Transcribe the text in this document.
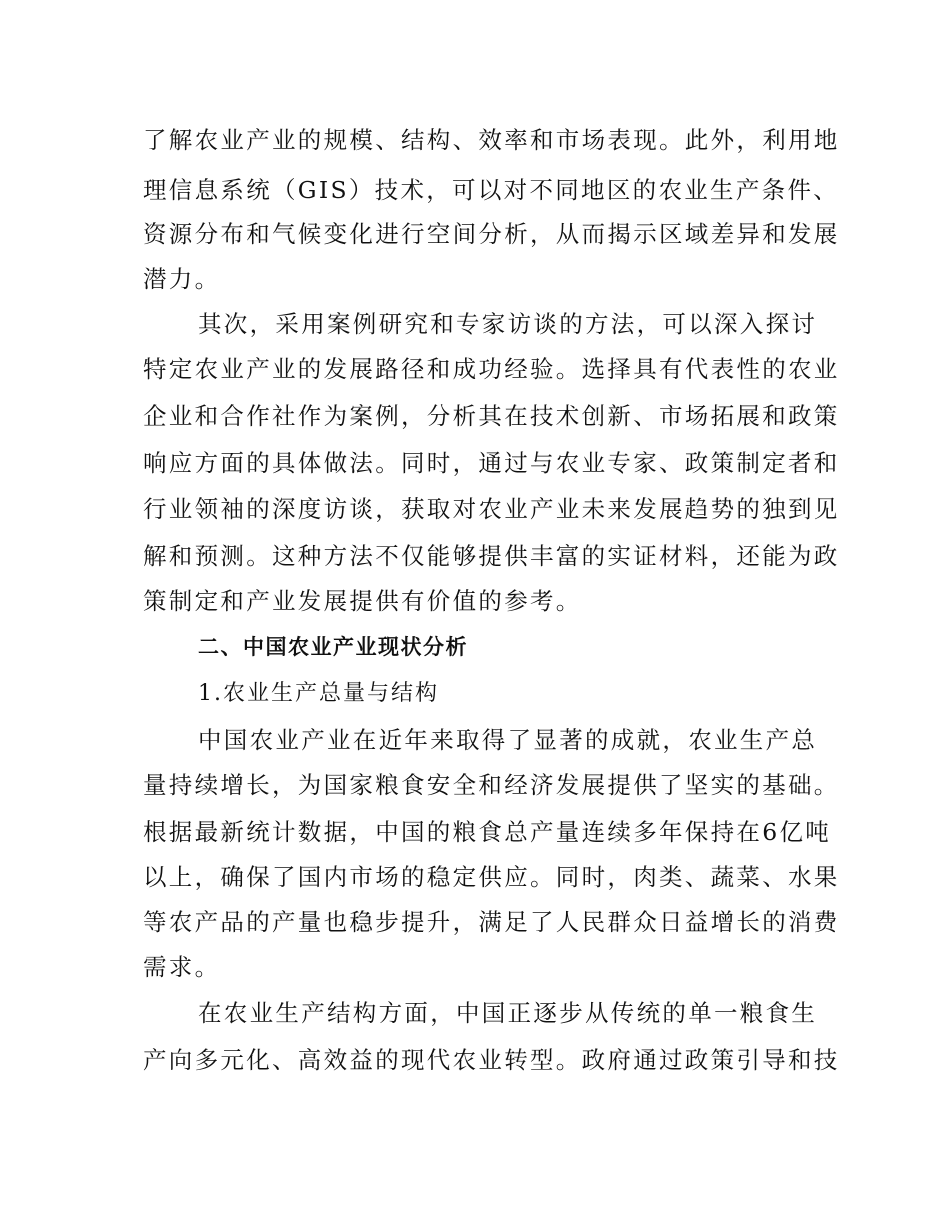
了解农业产业的规模、结构、效率和市场表现。此外，利用地
理信息系统（GIS）技术，可以对不同地区的农业生产条件、
资源分布和气候变化进行空间分析，从而揭示区域差异和发展
潜力。
其次，采用案例研究和专家访谈的方法，可以深入探讨
特定农业产业的发展路径和成功经验。选择具有代表性的农业
企业和合作社作为案例，分析其在技术创新、市场拓展和政策
响应方面的具体做法。同时，通过与农业专家、政策制定者和
行业领袖的深度访谈，获取对农业产业未来发展趋势的独到见
解和预测。这种方法不仅能够提供丰富的实证材料，还能为政
策制定和产业发展提供有价值的参考。
二、中国农业产业现状分析
1.农业生产总量与结构
中国农业产业在近年来取得了显著的成就，农业生产总
量持续增长，为国家粮食安全和经济发展提供了坚实的基础。
根据最新统计数据，中国的粮食总产量连续多年保持在6亿吨
以上，确保了国内市场的稳定供应。同时，肉类、蔬菜、水果
等农产品的产量也稳步提升，满足了人民群众日益增长的消费
需求。
在农业生产结构方面，中国正逐步从传统的单一粮食生
产向多元化、高效益的现代农业转型。政府通过政策引导和技
